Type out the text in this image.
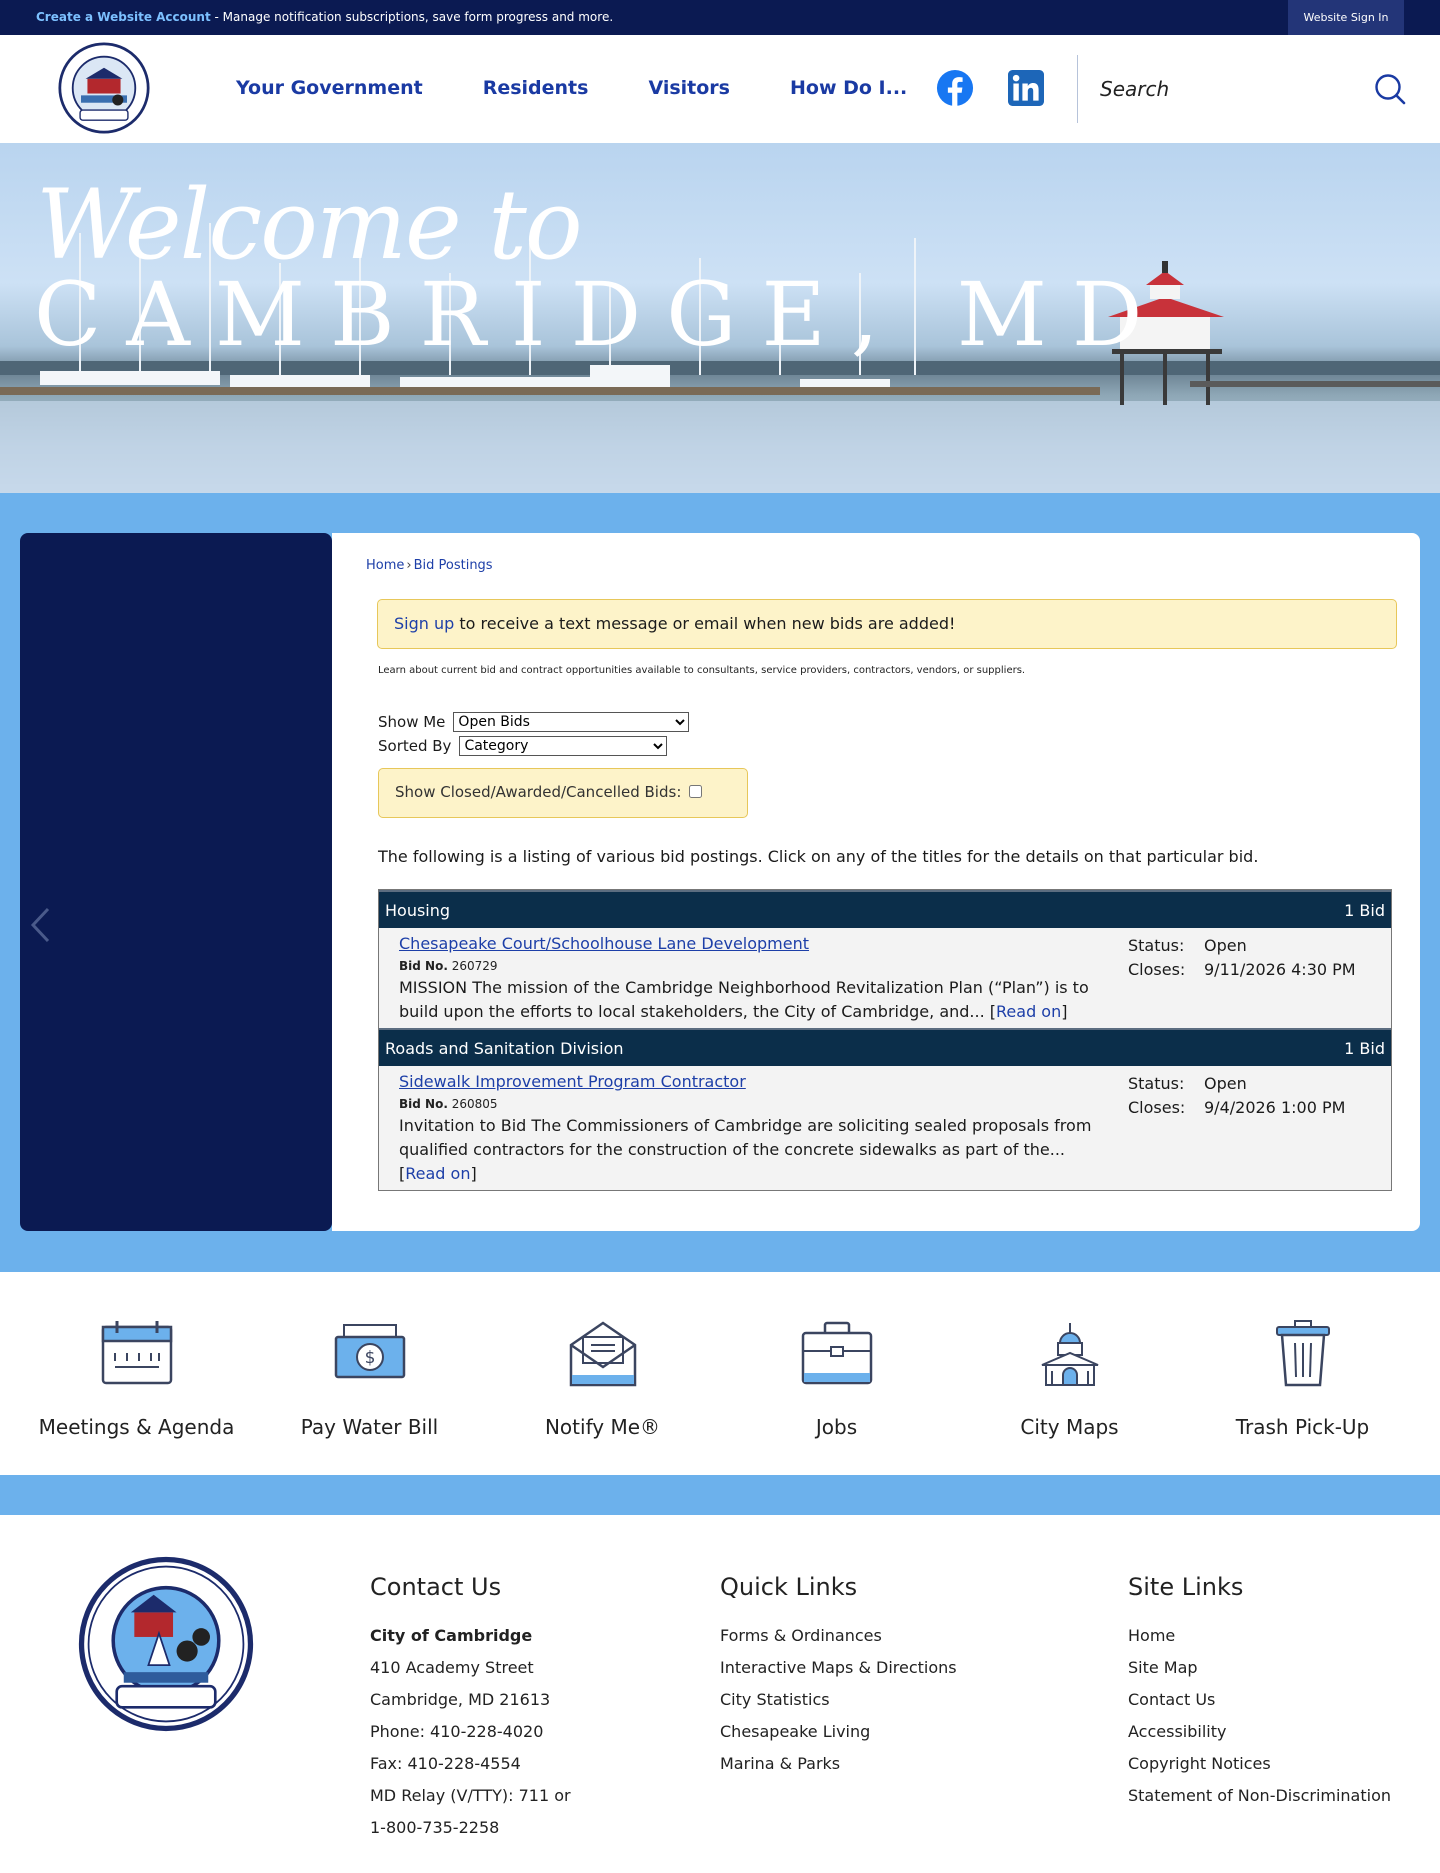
Create a Website Account - Manage notification subscriptions, save form progress and more.	Website Sign In
Your Government	Residents	Visitors	How Do I...
Search
Welcome to
CAMBRIDGE, MD
Home › Bid Postings
Sign up to receive a text message or email when new bids are added!
Learn about current bid and contract opportunities available to consultants, service providers, contractors, vendors, or suppliers.
Show Me
Open Bids
Sorted By
Category
Show Closed/Awarded/Cancelled Bids:
The following is a listing of various bid postings. Click on any of the titles for the details on that particular bid.
Housing	1 Bid
Chesapeake Court/Schoolhouse Lane Development
Bid No. 260729
MISSION The mission of the Cambridge Neighborhood Revitalization Plan (“Plan”) is to build upon the efforts to local stakeholders, the City of Cambridge, and... [Read on]
Status: Open
Closes: 9/11/2026 4:30 PM
Roads and Sanitation Division	1 Bid
Sidewalk Improvement Program Contractor
Bid No. 260805
Invitation to Bid The Commissioners of Cambridge are soliciting sealed proposals from qualified contractors for the construction of the concrete sidewalks as part of the... [Read on]
Status: Open
Closes: 9/4/2026 1:00 PM
Meetings & Agenda
$
Pay Water Bill	Notify Me®	Jobs	City Maps	Trash Pick-Up
Contact Us
City of Cambridge
410 Academy Street
Cambridge, MD 21613
Phone: 410-228-4020
Fax: 410-228-4554
MD Relay (V/TTY): 711 or
1-800-735-2258
Quick Links
Forms & Ordinances
Interactive Maps & Directions
City Statistics
Chesapeake Living
Marina & Parks
Site Links
Home
Site Map
Contact Us
Accessibility
Copyright Notices
Statement of Non-Discrimination
